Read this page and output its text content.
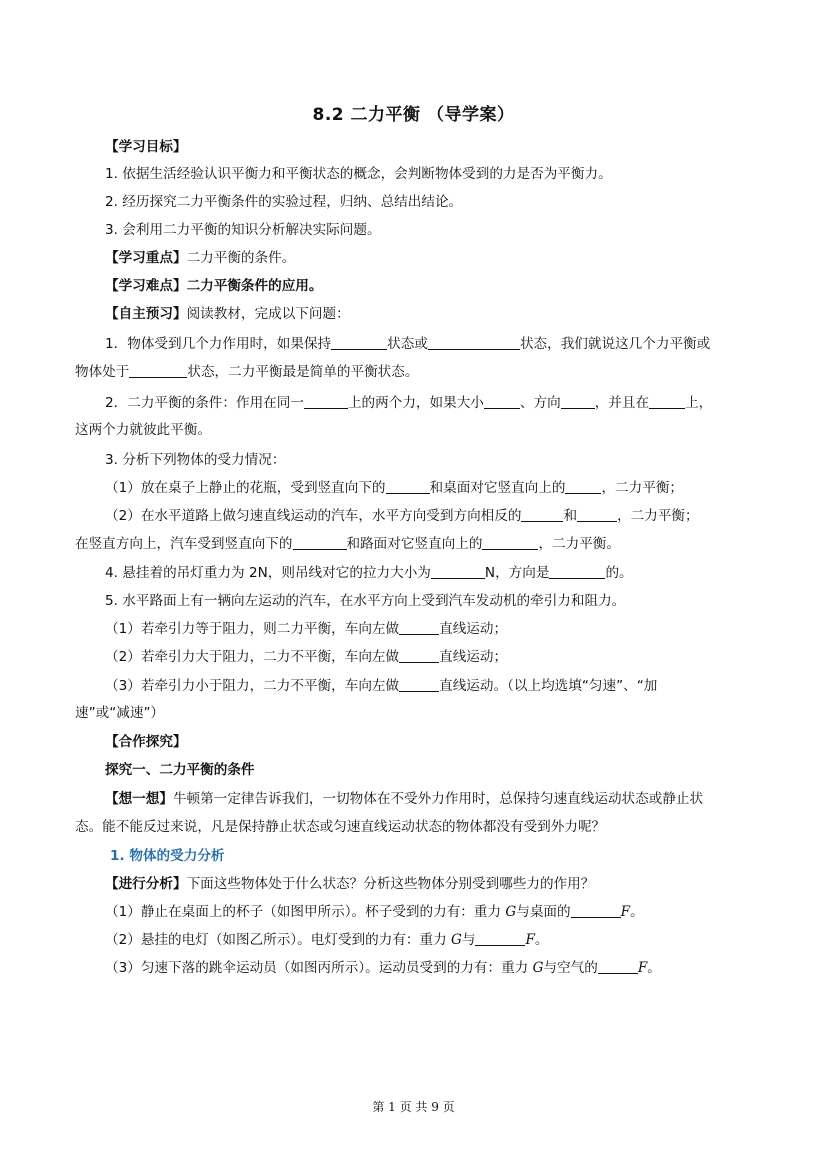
8.2 二力平衡 （导学案）
【学习目标】
1. 依据生活经验认识平衡力和平衡状态的概念，会判断物体受到的力是否为平衡力。
2. 经历探究二力平衡条件的实验过程，归纳、总结出结论。
3. 会利用二力平衡的知识分析解决实际问题。
【学习重点】二力平衡的条件。
【学习难点】二力平衡条件的应用。
【自主预习】阅读教材，完成以下问题：
1．物体受到几个力作用时，如果保持	状态或	状态，我们就说这几个力平衡或
物体处于	状态，二力平衡最是简单的平衡状态。
2．二力平衡的条件：作用在同一	上的两个力，如果大小	、方向	，并且在	上，
这两个力就彼此平衡。
3. 分析下列物体的受力情况：
（1）放在桌子上静止的花瓶，受到竖直向下的	和桌面对它竖直向上的	，二力平衡；
（2）在水平道路上做匀速直线运动的汽车，水平方向受到方向相反的	和	，二力平衡；
在竖直方向上，汽车受到竖直向下的	和路面对它竖直向上的	，二力平衡。
4. 悬挂着的吊灯重力为 2N，则吊线对它的拉力大小为	N，方向是	的。
5. 水平路面上有一辆向左运动的汽车，在水平方向上受到汽车发动机的牵引力和阻力。
（1）若牵引力等于阻力，则二力平衡，车向左做	直线运动；
（2）若牵引力大于阻力，二力不平衡，车向左做	直线运动；
（3）若牵引力小于阻力，二力不平衡，车向左做	直线运动。（以上均选填“匀速”、“加
速”或“减速”）
【合作探究】
探究一、二力平衡的条件
【想一想】牛顿第一定律告诉我们，一切物体在不受外力作用时，总保持匀速直线运动状态或静止状
态。能不能反过来说，凡是保持静止状态或匀速直线运动状态的物体都没有受到外力呢？
1. 物体的受力分析
【进行分析】下面这些物体处于什么状态？分析这些物体分别受到哪些力的作用？
（1）静止在桌面上的杯子（如图甲所示）。杯子受到的力有：重力 G与桌面的	F。
（2）悬挂的电灯（如图乙所示）。电灯受到的力有：重力 G与	F。
（3）匀速下落的跳伞运动员（如图丙所示）。运动员受到的力有：重力 G与空气的	F。
第 1 页 共 9 页
